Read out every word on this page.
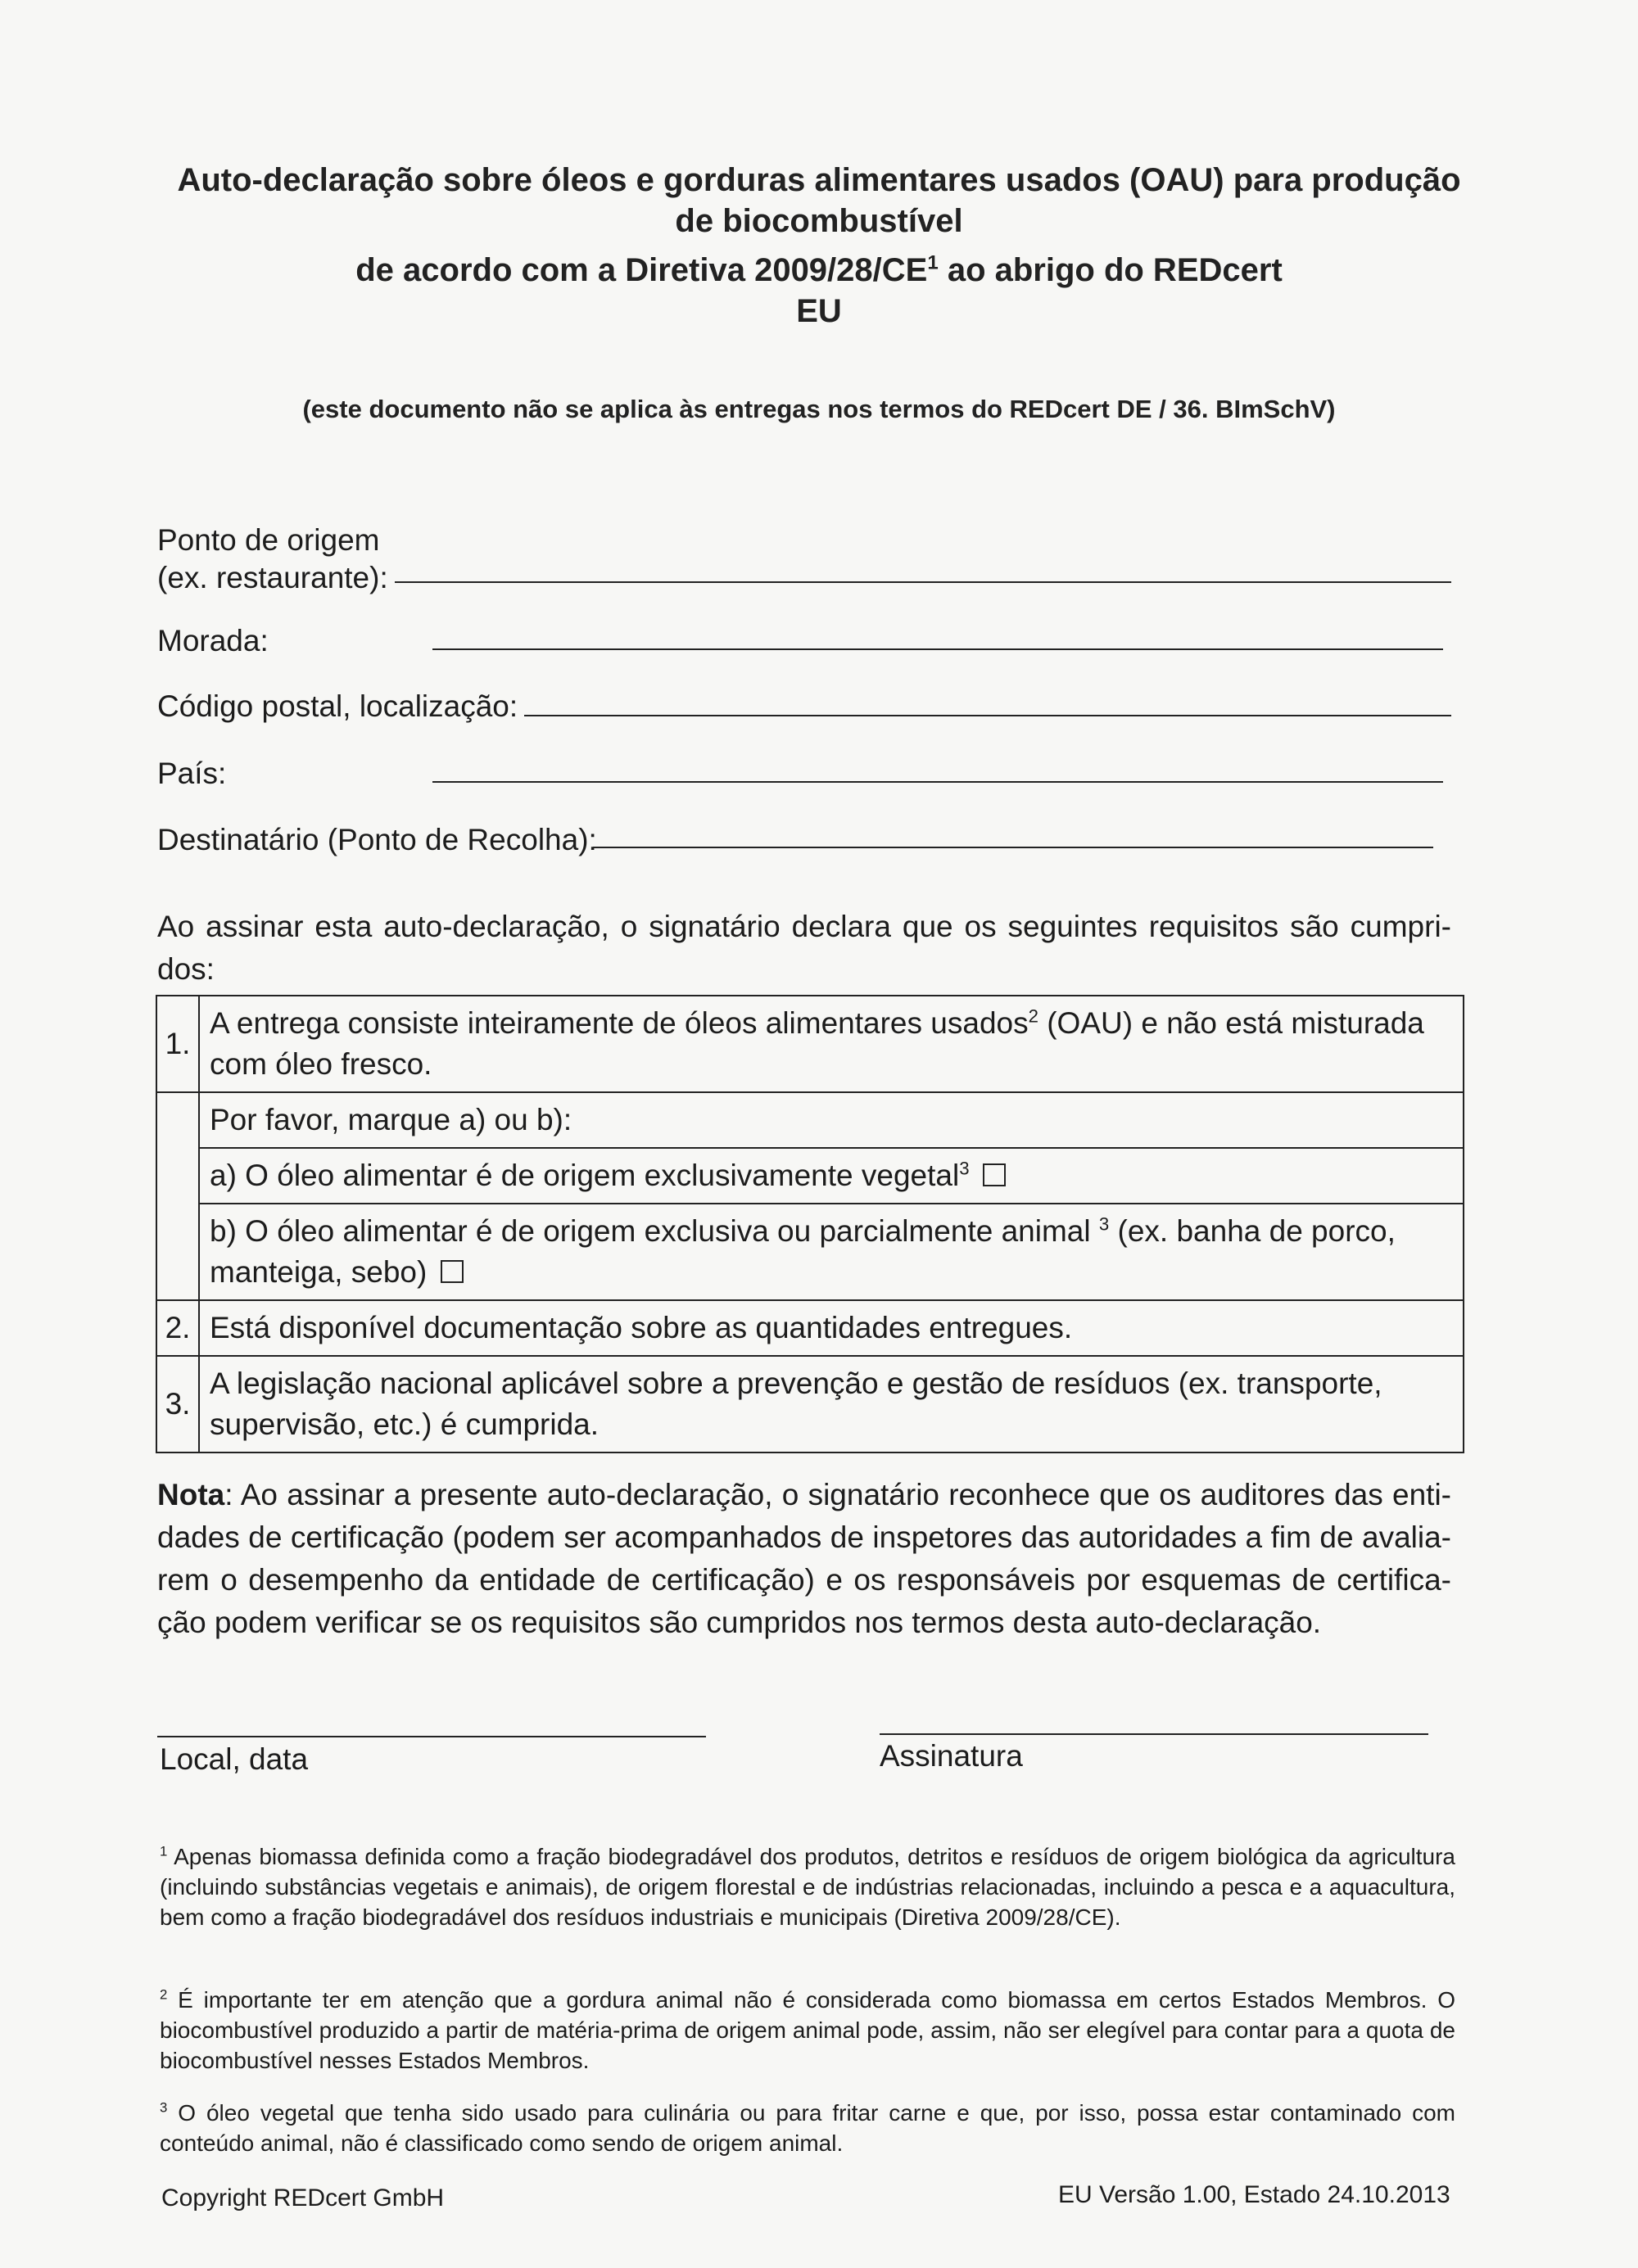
Auto-declaração sobre óleos e gorduras alimentares usados (OAU) para produção
de biocombustível
de acordo com a Diretiva $2009/28/CE^1$ ao abrigo do REDcert
EU
(este documento não se aplica às entregas nos termos do REDcert DE / 36. BImSchV)
Ponto de origem
(ex. restaurante):
Morada:
Código postal, localização:
País:
Destinatário (Ponto de Recolha):
Ao assinar esta auto-declaração, o signatário declara que os seguintes requisitos são cumpri-dos:
1.	A entrega consiste inteiramente de óleos alimentares usados$^2$ (OAU) e não está misturada com óleo fresco.
	Por favor, marque a) ou b):
	a) O óleo alimentar é de origem exclusivamente vegetal$^3$
	b) O óleo alimentar é de origem exclusiva ou parcialmente animal $^3$ (ex. banha de porco, manteiga, sebo)
2.	Está disponível documentação sobre as quantidades entregues.
3.	A legislação nacional aplicável sobre a prevenção e gestão de resíduos (ex. transporte, supervisão, etc.) é cumprida.
Nota: Ao assinar a presente auto-declaração, o signatário reconhece que os auditores das enti-dades de certificação (podem ser acompanhados de inspetores das autoridades a fim de avalia-rem o desempenho da entidade de certificação) e os responsáveis por esquemas de certifica-ção podem verificar se os requisitos são cumpridos nos termos desta auto-declaração.
Local, data	Assinatura
$^1$ Apenas biomassa definida como a fração biodegradável dos produtos, detritos e resíduos de origem biológica da agricultura (incluindo substâncias vegetais e animais), de origem florestal e de indústrias relacionadas, incluindo a pesca e a aquacultura, bem como a fração biodegradável dos resíduos industriais e municipais (Diretiva 2009/28/CE).
$^2$ É importante ter em atenção que a gordura animal não é considerada como biomassa em certos Estados Membros. O biocombustível produzido a partir de matéria-prima de origem animal pode, assim, não ser elegível para contar para a quota de biocombustível nesses Estados Membros.
$^3$ O óleo vegetal que tenha sido usado para culinária ou para fritar carne e que, por isso, possa estar contaminado com conteúdo animal, não é classificado como sendo de origem animal.
Copyright REDcert GmbH	EU Versão 1.00, Estado 24.10.2013
